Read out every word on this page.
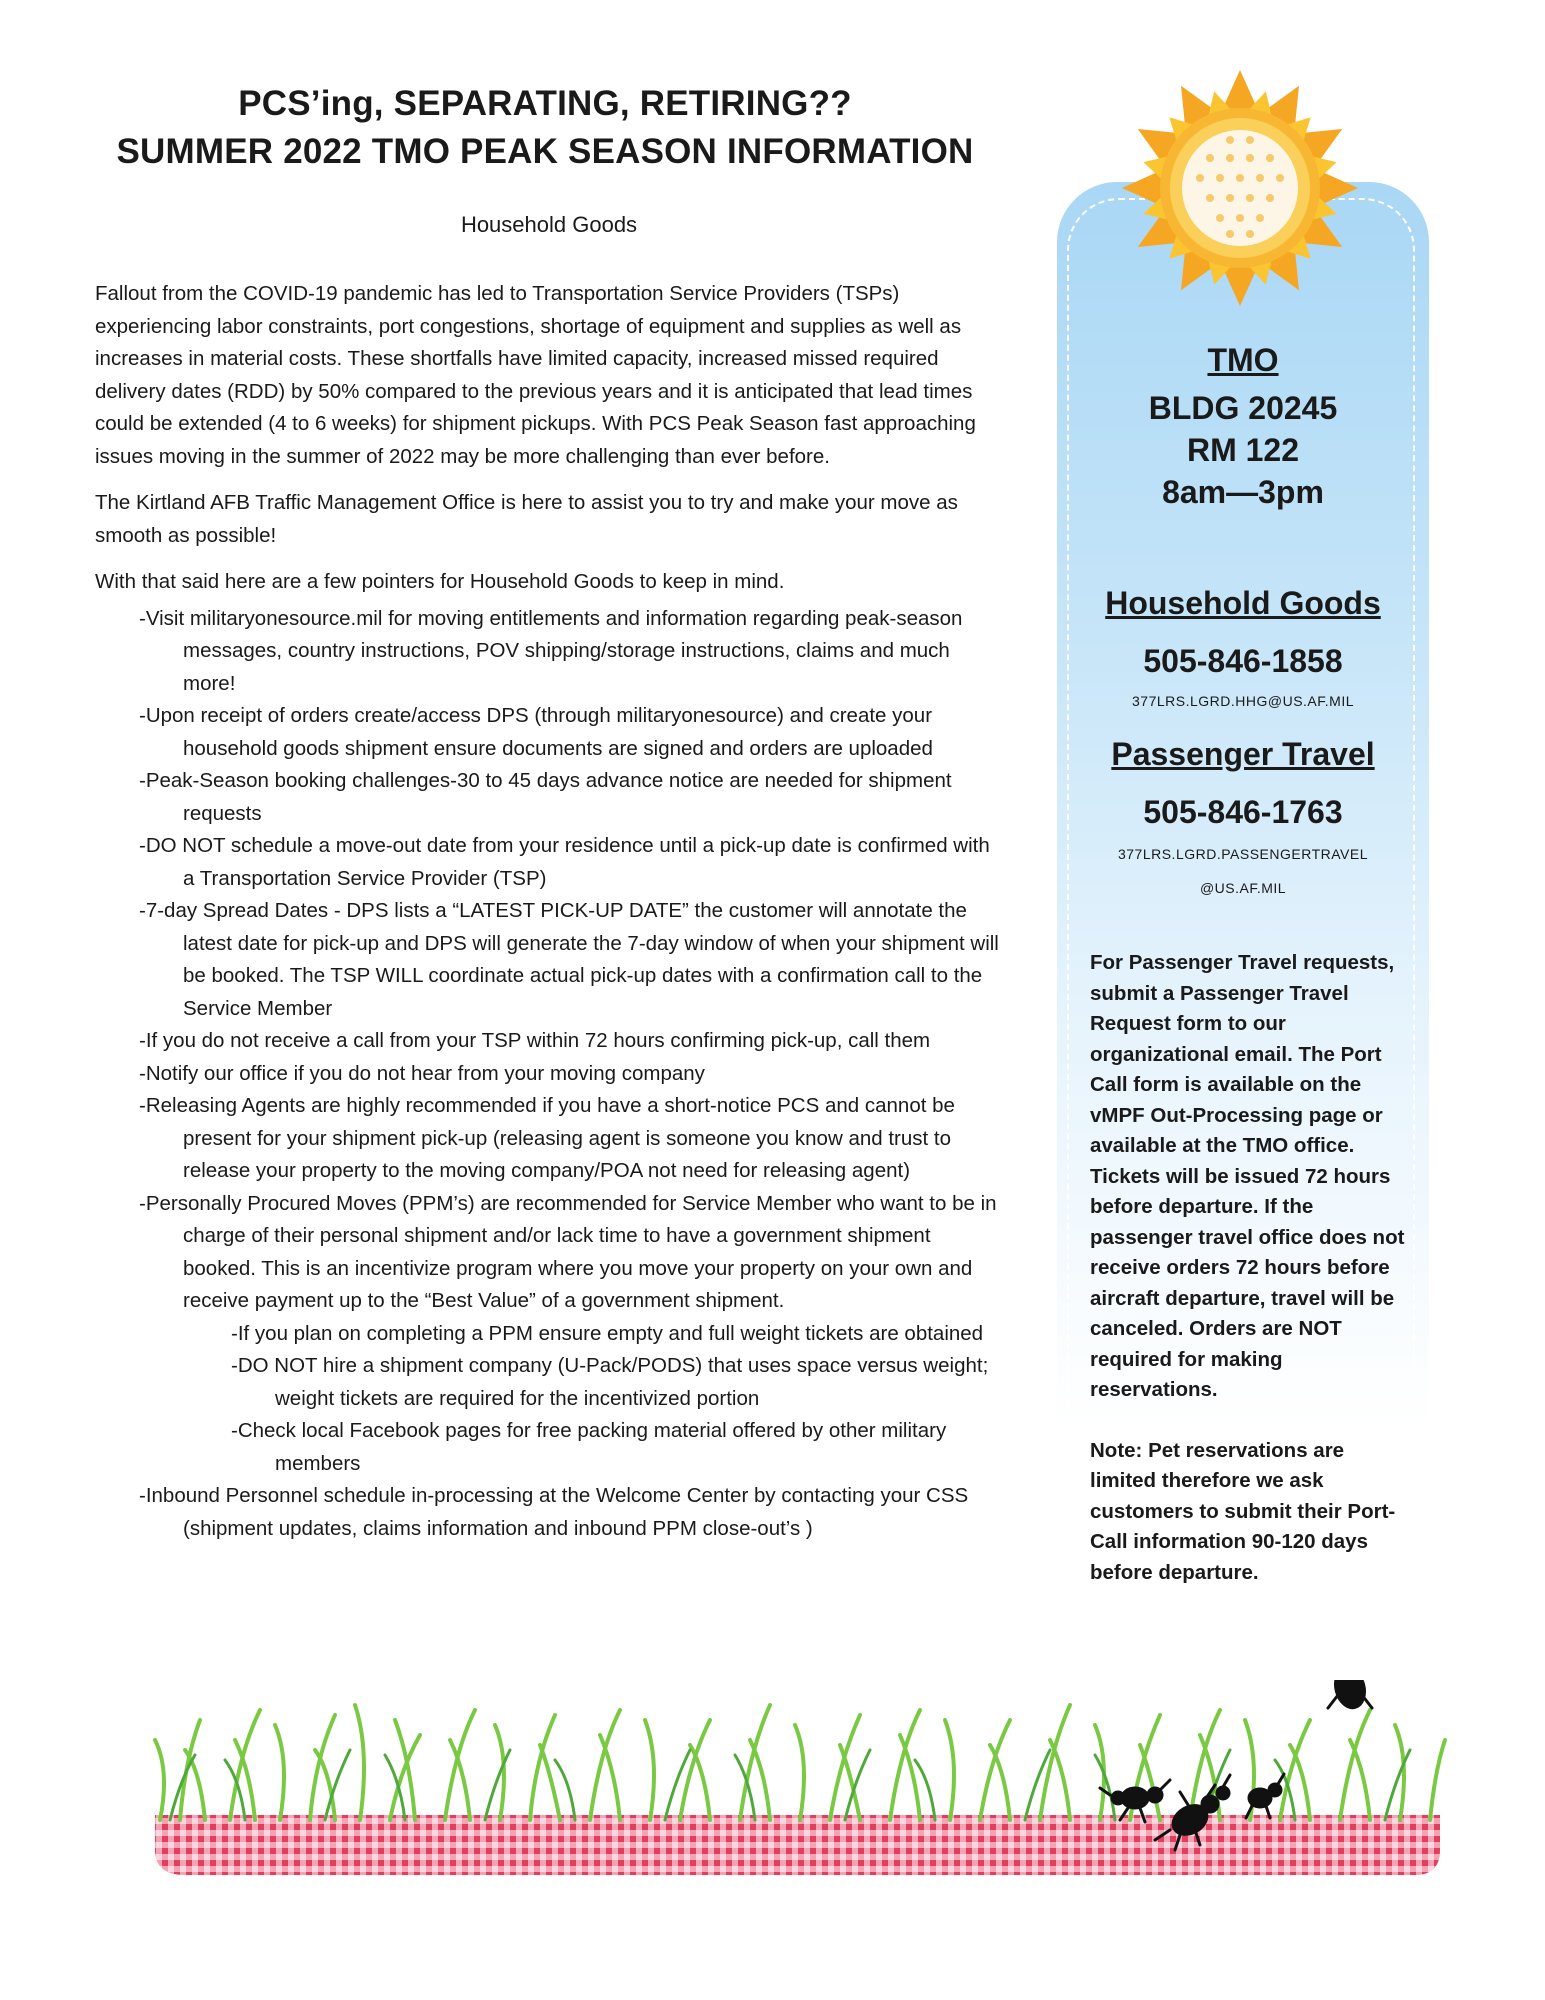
PCS’ing, SEPARATING, RETIRING??
SUMMER 2022 TMO PEAK SEASON INFORMATION
Household Goods

Fallout from the COVID-19 pandemic has led to Transportation Service Providers (TSPs) experiencing labor constraints, port congestions, shortage of equipment and supplies as well as increases in material costs. These shortfalls have limited capacity, increased missed required delivery dates (RDD) by 50% compared to the previous years and it is anticipated that lead times could be extended (4 to 6 weeks) for shipment pickups. With PCS Peak Season fast approaching issues moving in the summer of 2022 may be more challenging than ever before.

The Kirtland AFB Traffic Management Office is here to assist you to try and make your move as smooth as possible!

With that said here are a few pointers for Household Goods to keep in mind.

-Visit militaryonesource.mil for moving entitlements and information regarding peak-season messages, country instructions, POV shipping/storage instructions, claims and much more!

-Upon receipt of orders create/access DPS (through militaryonesource) and create your household goods shipment ensure documents are signed and orders are uploaded

-Peak-Season booking challenges-30 to 45 days advance notice are needed for shipment requests

-DO NOT schedule a move-out date from your residence until a pick-up date is confirmed with a Transportation Service Provider (TSP)

-7-day Spread Dates - DPS lists a “LATEST PICK-UP DATE” the customer will annotate the latest date for pick-up and DPS will generate the 7-day window of when your shipment will be booked. The TSP WILL coordinate actual pick-up dates with a confirmation call to the Service Member

-If you do not receive a call from your TSP within 72 hours confirming pick-up, call them

-Notify our office if you do not hear from your moving company

-Releasing Agents are highly recommended if you have a short-notice PCS and cannot be present for your shipment pick-up (releasing agent is someone you know and trust to release your property to the moving company/POA not need for releasing agent)

-Personally Procured Moves (PPM’s) are recommended for Service Member who want to be in charge of their personal shipment and/or lack time to have a government shipment booked. This is an incentivize program where you move your property on your own and receive payment up to the “Best Value” of a government shipment.

-If you plan on completing a PPM ensure empty and full weight tickets are obtained

-DO NOT hire a shipment company (U-Pack/PODS) that uses space versus weight; weight tickets are required for the incentivized portion

-Check local Facebook pages for free packing material offered by other military members

-Inbound Personnel schedule in-processing at the Welcome Center by contacting your CSS (shipment updates, claims information and inbound PPM close-out’s )

TMO
BLDG 20245
RM 122
8am—3pm
Household Goods
505-846-1858
377LRS.LGRD.HHG@US.AF.MIL
Passenger Travel
505-846-1763
377LRS.LGRD.PASSENGERTRAVEL
@US.AF.MIL

For Passenger Travel requests, submit a Passenger Travel Request form to our organizational email. The Port Call form is available on the vMPF Out-Processing page or available at the TMO office. Tickets will be issued 72 hours before departure. If the passenger travel office does not receive orders 72 hours before aircraft departure, travel will be canceled. Orders are NOT required for making reservations.

Note: Pet reservations are limited therefore we ask customers to submit their Port-Call information 90-120 days before departure.
